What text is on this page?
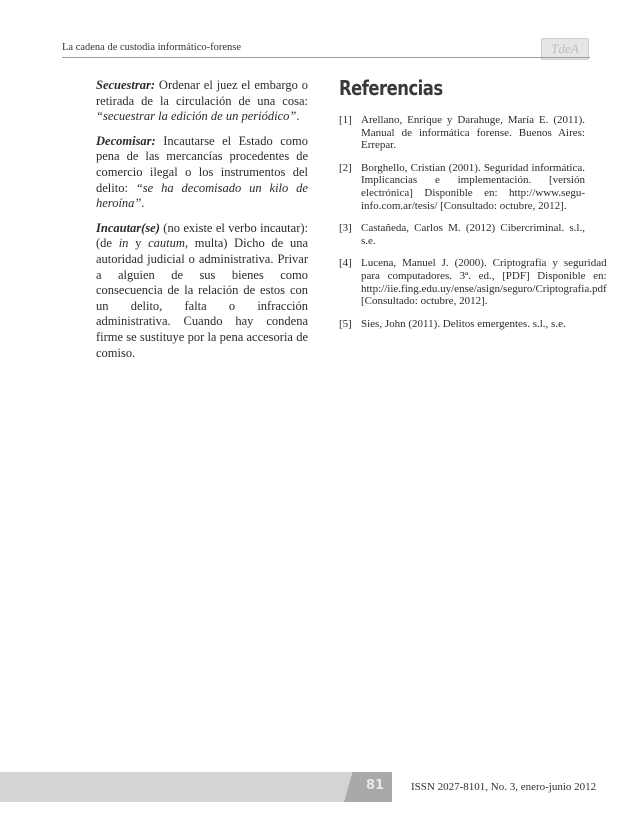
La cadena de custodia informático-forense	TdeA

Secuestrar: Ordenar el juez el embargo o retirada de la circulación de una cosa: “secuestrar la edición de un periódico”.

Decomisar: Incautarse el Estado como pena de las mercancías procedentes de comercio ilegal o los instrumentos del delito: “se ha decomisado un kilo de heroína”.

Incautar(se) (no existe el verbo incautar): (de in y cautum, multa) Dicho de una autoridad judicial o administrativa. Privar a alguien de sus bienes como consecuencia de la relación de estos con un delito, falta o infracción administrativa. Cuando hay condena firme se sustituye por la pena accesoria de comiso.

Referencias
[1] Arellano, Enrique y Darahuge, María E. (2011). Manual de informática forense. Buenos Aires: Errepar.
[2] Borghello, Cristian (2001). Seguridad informática. Implicancias e implementación. [versión electrónica] Disponible en: http://www.segu-info.com.ar/tesis/ [Consultado: octubre, 2012].
[3] Castañeda, Carlos M. (2012) Cibercriminal. s.l., s.e.
[4] Lucena, Manuel J. (2000). Criptografía y seguridad para computadores. 3ª. ed., [PDF] Disponible en: http://iie.fing.edu.uy/ense/asign/seguro/Criptografia.pdf [Consultado: octubre, 2012].
[5] Sies, John (2011). Delitos emergentes. s.l., s.e.
81	ISSN 2027-8101, No. 3, enero-junio 2012
